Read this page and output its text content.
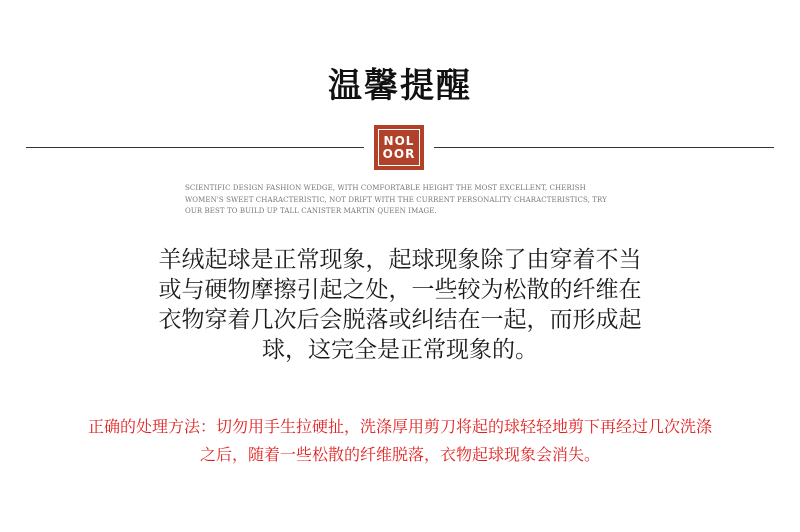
温馨提醒
NOL
OOR
SCIENTIFIC DESIGN FASHION WEDGE, WITH COMFORTABLE HEIGHT THE MOST EXCELLENT, CHERISH WOMEN'S SWEET CHARACTERISTIC, NOT DRIFT WITH THE CURRENT PERSONALITY CHARACTERISTICS, TRY OUR BEST TO BUILD UP TALL CANISTER MARTIN QUEEN IMAGE.
羊绒起球是正常现象，起球现象除了由穿着不当
或与硬物摩擦引起之处，一些较为松散的纤维在
衣物穿着几次后会脱落或纠结在一起，而形成起
球，这完全是正常现象的。
正确的处理方法：切勿用手生拉硬扯，洗涤厚用剪刀将起的球轻轻地剪下再经过几次洗涤
之后，随着一些松散的纤维脱落，衣物起球现象会消失。
